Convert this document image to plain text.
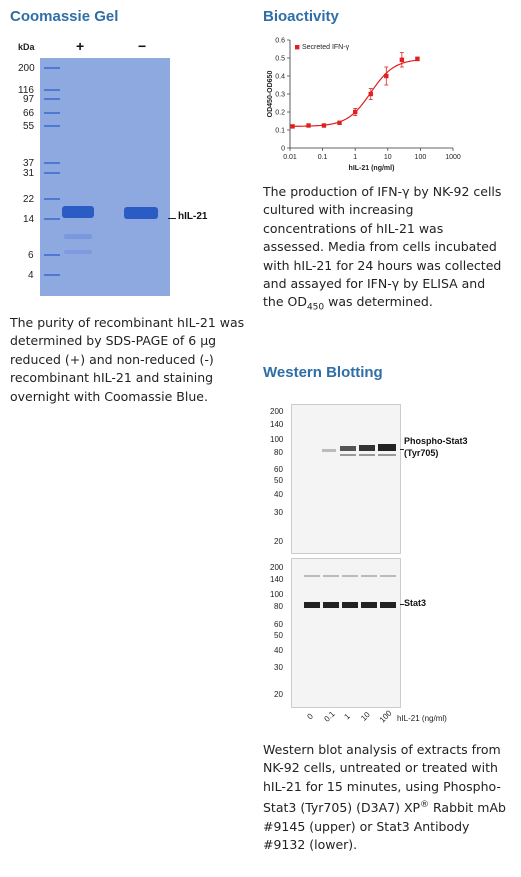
Coomassie Gel
kDa	+	−
200
116
97
66
55
37
31
22
14
6
4
hIL-21
The purity of recombinant hIL-21 was determined by SDS-PAGE of 6 µg reduced (+) and non-reduced (-) recombinant hIL-21 and staining overnight with Coomassie Blue.
Bioactivity
0
0.1
0.2
0.3
0.4
0.5
0.6
0.01	0.1	1	10	100	1000
hIL-21 (ng/ml)
OD450-OD650
Secreted IFN-γ
The production of IFN-γ by NK-92 cells cultured with increasing concentrations of hIL-21 was assessed. Media from cells incubated with hIL-21 for 24 hours was collected and assayed for IFN-γ by ELISA and the $OD_{450}$ was determined.
Western Blotting
200
140
100
80
60
50
40
30
20
Phospho-Stat3
(Tyr705)
200
140
100
80
60
50
40
30
20
Stat3
0 0.1 1 10 100 hIL-21 (ng/ml)
Western blot analysis of extracts from NK-92 cells, untreated or treated with hIL-21 for 15 minutes, using Phospho-Stat3 (Tyr705) (D3A7) XP® Rabbit mAb #9145 (upper) or Stat3 Antibody #9132 (lower).
